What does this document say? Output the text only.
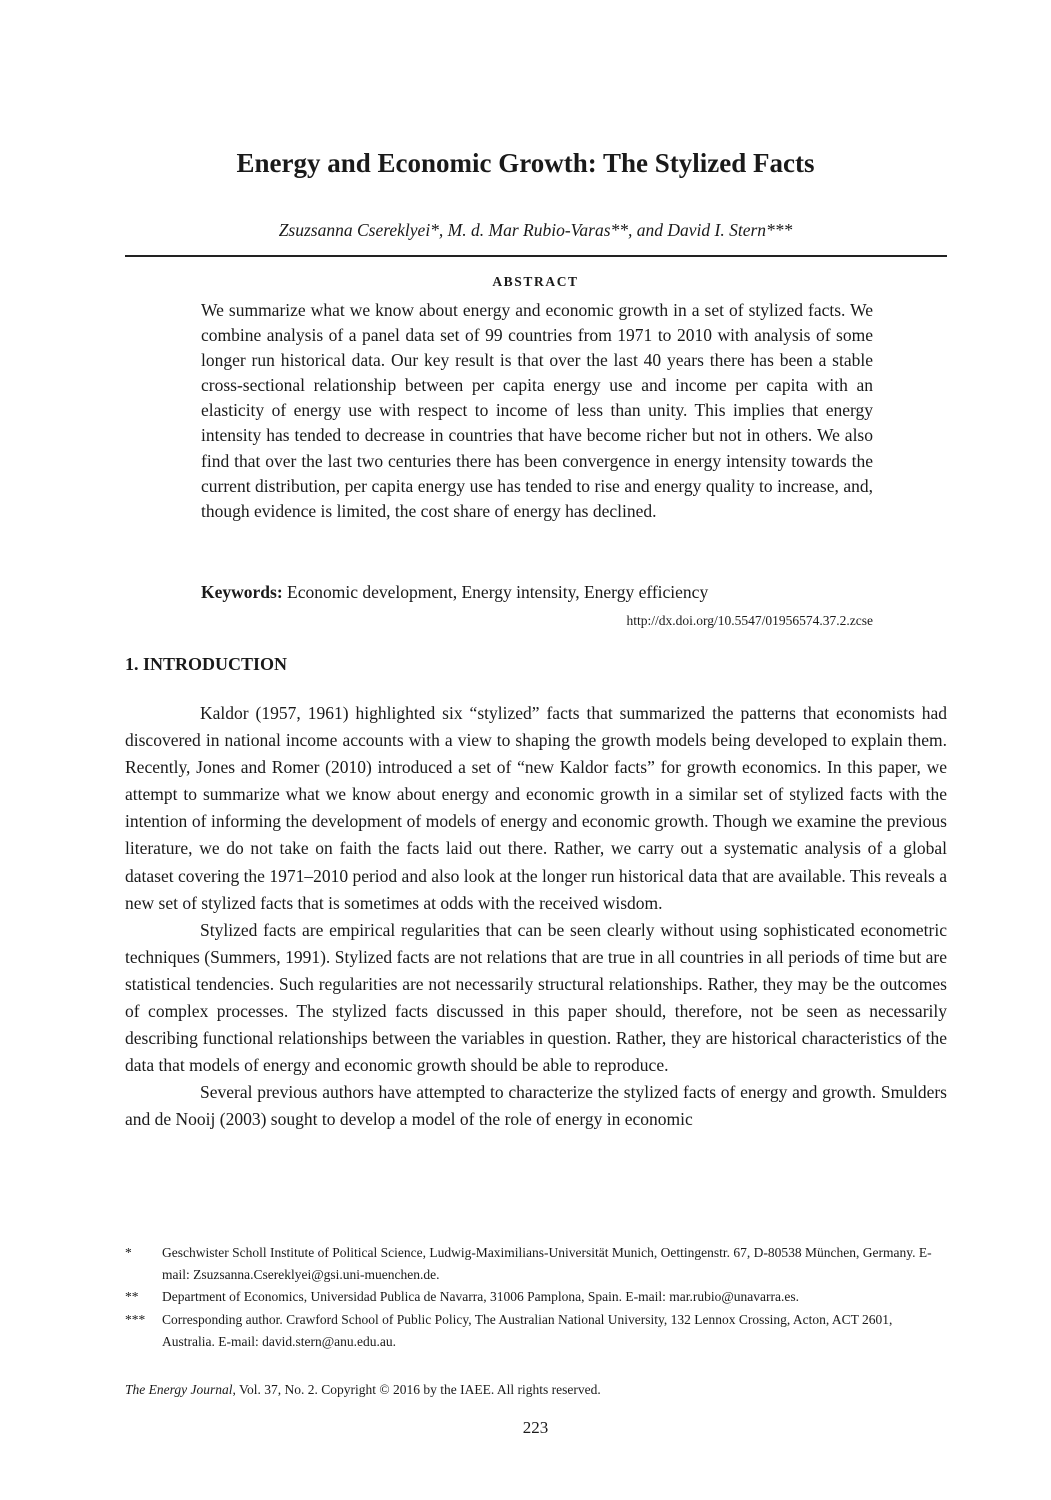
Energy and Economic Growth: The Stylized Facts
Zsuzsanna Csereklyei*, M. d. Mar Rubio-Varas**, and David I. Stern***
ABSTRACT

We summarize what we know about energy and economic growth in a set of stylized facts. We combine analysis of a panel data set of 99 countries from 1971 to 2010 with analysis of some longer run historical data. Our key result is that over the last 40 years there has been a stable cross-sectional relationship between per capita energy use and income per capita with an elasticity of energy use with respect to income of less than unity. This implies that energy intensity has tended to decrease in countries that have become richer but not in others. We also find that over the last two centuries there has been convergence in energy intensity towards the current distribution, per capita energy use has tended to rise and energy quality to increase, and, though evidence is limited, the cost share of energy has declined.

Keywords: Economic development, Energy intensity, Energy efficiency
http://dx.doi.org/10.5547/01956574.37.2.zcse
1. INTRODUCTION

Kaldor (1957, 1961) highlighted six “stylized” facts that summarized the patterns that economists had discovered in national income accounts with a view to shaping the growth models being developed to explain them. Recently, Jones and Romer (2010) introduced a set of “new Kaldor facts” for growth economics. In this paper, we attempt to summarize what we know about energy and economic growth in a similar set of stylized facts with the intention of informing the development of models of energy and economic growth. Though we examine the previous literature, we do not take on faith the facts laid out there. Rather, we carry out a systematic analysis of a global dataset covering the 1971–2010 period and also look at the longer run historical data that are available. This reveals a new set of stylized facts that is sometimes at odds with the received wisdom.

Stylized facts are empirical regularities that can be seen clearly without using sophisticated econometric techniques (Summers, 1991). Stylized facts are not relations that are true in all countries in all periods of time but are statistical tendencies. Such regularities are not necessarily structural relationships. Rather, they may be the outcomes of complex processes. The stylized facts discussed in this paper should, therefore, not be seen as necessarily describing functional relationships between the variables in question. Rather, they are historical characteristics of the data that models of energy and economic growth should be able to reproduce.

Several previous authors have attempted to characterize the stylized facts of energy and growth. Smulders and de Nooij (2003) sought to develop a model of the role of energy in economic

*	Geschwister Scholl Institute of Political Science, Ludwig-Maximilians-Universität Munich, Oettingenstr. 67, D-80538 München, Germany. E-mail: Zsuzsanna.Csereklyei@gsi.uni-muenchen.de.
**	Department of Economics, Universidad Publica de Navarra, 31006 Pamplona, Spain. E-mail: mar.rubio@unavarra.es.
***	Corresponding author. Crawford School of Public Policy, The Australian National University, 132 Lennox Crossing, Acton, ACT 2601, Australia. E-mail: david.stern@anu.edu.au.
The Energy Journal, Vol. 37, No. 2. Copyright © 2016 by the IAEE. All rights reserved.
223
